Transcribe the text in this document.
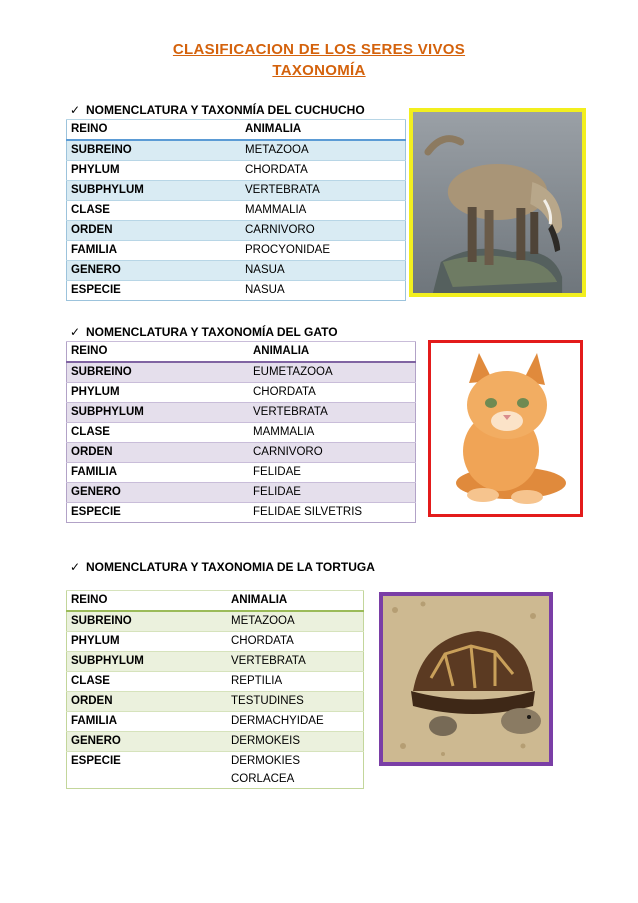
CLASIFICACION DE LOS SERES VIVOS
TAXONOMÍA
✓ NOMENCLATURA Y TAXONMÍA DEL CUCHUCHO
REINO	ANIMALIA
SUBREINO	METAZOOA
PHYLUM	CHORDATA
SUBPHYLUM	VERTEBRATA
CLASE	MAMMALIA
ORDEN	CARNIVORO
FAMILIA	PROCYONIDAE
GENERO	NASUA
ESPECIE	NASUA
✓ NOMENCLATURA Y TAXONOMÍA DEL GATO
REINO	ANIMALIA
SUBREINO	EUMETAZOOA
PHYLUM	CHORDATA
SUBPHYLUM	VERTEBRATA
CLASE	MAMMALIA
ORDEN	CARNIVORO
FAMILIA	FELIDAE
GENERO	FELIDAE
ESPECIE	FELIDAE SILVETRIS
✓ NOMENCLATURA Y TAXONOMIA DE LA TORTUGA
REINO	ANIMALIA
SUBREINO	METAZOOA
PHYLUM	CHORDATA
SUBPHYLUM	VERTEBRATA
CLASE	REPTILIA
ORDEN	TESTUDINES
FAMILIA	DERMACHYIDAE
GENERO	DERMOKEIS
ESPECIE	DERMOKIES
CORLACEA
